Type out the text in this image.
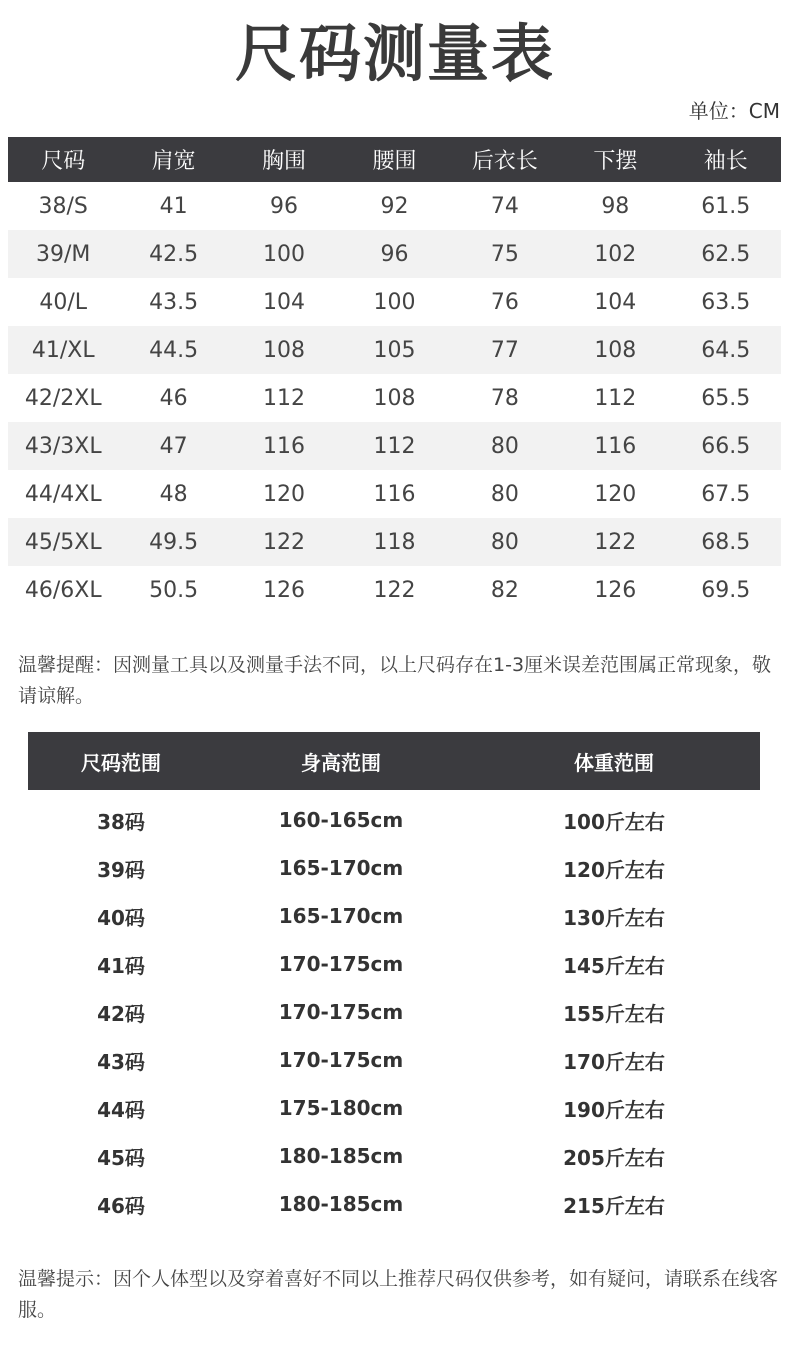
尺码测量表
单位：CM
尺码	肩宽	胸围	腰围	后衣长	下摆	袖长
38/S	41	96	92	74	98	61.5
39/M	42.5	100	96	75	102	62.5
40/L	43.5	104	100	76	104	63.5
41/XL	44.5	108	105	77	108	64.5
42/2XL	46	112	108	78	112	65.5
43/3XL	47	116	112	80	116	66.5
44/4XL	48	120	116	80	120	67.5
45/5XL	49.5	122	118	80	122	68.5
46/6XL	50.5	126	122	82	126	69.5
温馨提醒：因测量工具以及测量手法不同，以上尺码存在1-3厘米误差范围属正常现象，敬请谅解。
尺码范围	身高范围	体重范围
38码	160-165cm	100斤左右
39码	165-170cm	120斤左右
40码	165-170cm	130斤左右
41码	170-175cm	145斤左右
42码	170-175cm	155斤左右
43码	170-175cm	170斤左右
44码	175-180cm	190斤左右
45码	180-185cm	205斤左右
46码	180-185cm	215斤左右
温馨提示：因个人体型以及穿着喜好不同以上推荐尺码仅供参考，如有疑问，请联系在线客服。
